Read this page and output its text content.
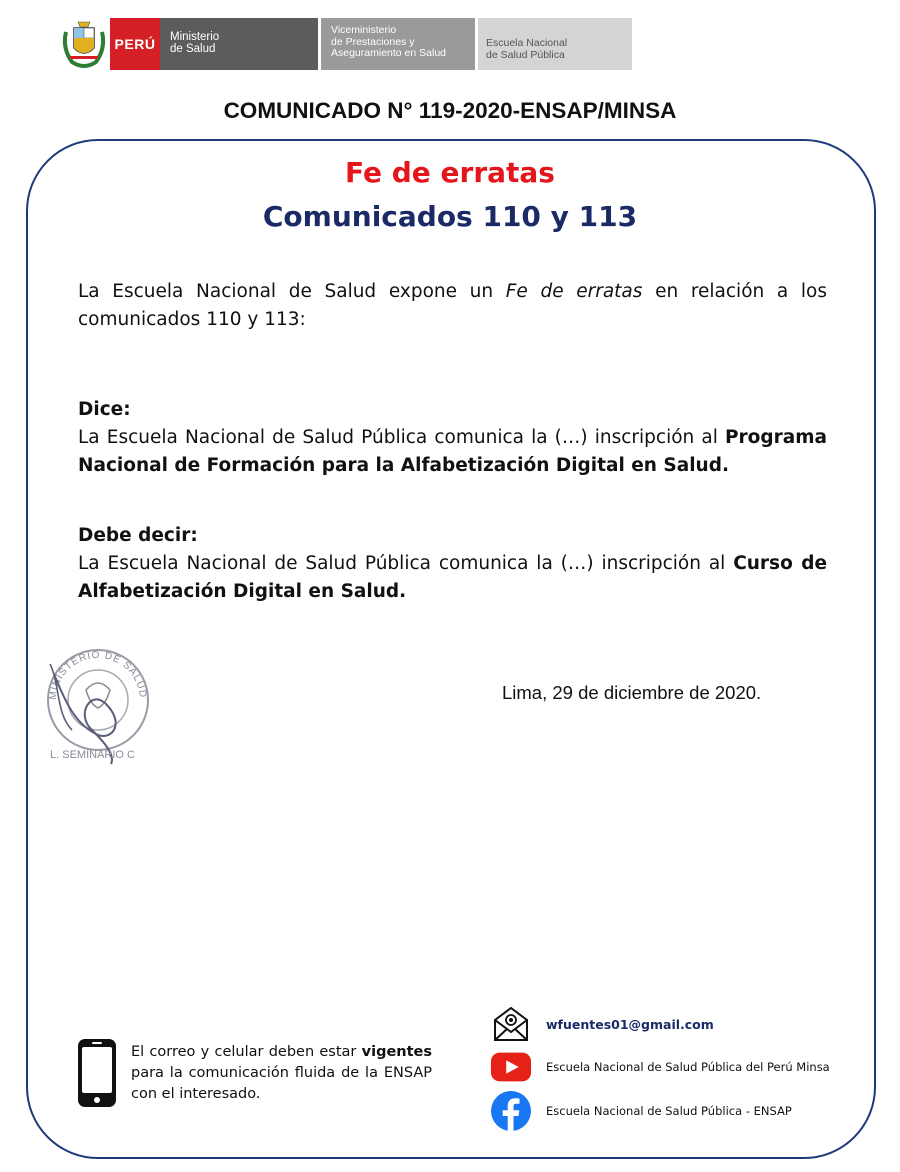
PERÚ Ministerio
de Salud
Viceministerio
de Prestaciones y
Aseguramiento en Salud
Escuela Nacional
de Salud Pública
COMUNICADO N° 119-2020-ENSAP/MINSA
Fe de erratas
Comunicados 110 y 113
La Escuela Nacional de Salud expone un Fe de erratas en relación a los comunicados 110 y 113:
Dice:
La Escuela Nacional de Salud Pública comunica la (…) inscripción al Programa Nacional de Formación para la Alfabetización Digital en Salud.
Debe decir:
La Escuela Nacional de Salud Pública comunica la (…) inscripción al Curso de Alfabetización Digital en Salud.
MINISTERIO DE SALUD
L. SEMINARIO C
Lima, 29 de diciembre de 2020.
El correo y celular deben estar vigentes para la comunicación fluida de la ENSAP con el interesado.
wfuentes01@gmail.com
Escuela Nacional de Salud Pública del Perú Minsa
Escuela Nacional de Salud Pública - ENSAP
